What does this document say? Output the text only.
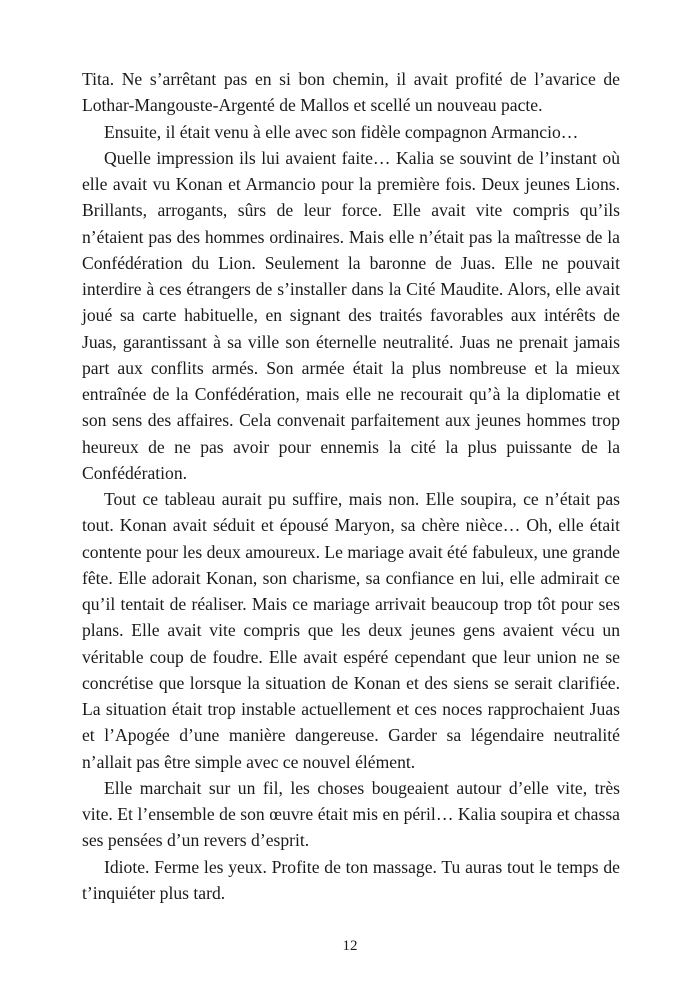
Tita. Ne s’arrêtant pas en si bon chemin, il avait profité de l’avarice de Lothar-Mangouste-Argenté de Mallos et scellé un nouveau pacte.

Ensuite, il était venu à elle avec son fidèle compagnon Armancio…

Quelle impression ils lui avaient faite… Kalia se souvint de l’instant où elle avait vu Konan et Armancio pour la première fois. Deux jeunes Lions. Brillants, arrogants, sûrs de leur force. Elle avait vite compris qu’ils n’étaient pas des hommes ordinaires. Mais elle n’était pas la maîtresse de la Confédération du Lion. Seulement la baronne de Juas. Elle ne pouvait interdire à ces étrangers de s’installer dans la Cité Maudite. Alors, elle avait joué sa carte habituelle, en signant des traités favorables aux intérêts de Juas, garantissant à sa ville son éternelle neutralité. Juas ne prenait jamais part aux conflits armés. Son armée était la plus nombreuse et la mieux entraînée de la Confédération, mais elle ne recourait qu’à la diplomatie et son sens des affaires. Cela convenait parfaitement aux jeunes hommes trop heureux de ne pas avoir pour ennemis la cité la plus puissante de la Confédération.

Tout ce tableau aurait pu suffire, mais non. Elle soupira, ce n’était pas tout. Konan avait séduit et épousé Maryon, sa chère nièce… Oh, elle était contente pour les deux amoureux. Le mariage avait été fabuleux, une grande fête. Elle adorait Konan, son charisme, sa confiance en lui, elle admirait ce qu’il tentait de réaliser. Mais ce mariage arrivait beaucoup trop tôt pour ses plans. Elle avait vite compris que les deux jeunes gens avaient vécu un véritable coup de foudre. Elle avait espéré cependant que leur union ne se concrétise que lorsque la situation de Konan et des siens se serait clarifiée. La situation était trop instable actuellement et ces noces rapprochaient Juas et l’Apogée d’une manière dangereuse. Garder sa légendaire neutralité n’allait pas être simple avec ce nouvel élément.

Elle marchait sur un fil, les choses bougeaient autour d’elle vite, très vite. Et l’ensemble de son œuvre était mis en péril… Kalia soupira et chassa ses pensées d’un revers d’esprit.

Idiote. Ferme les yeux. Profite de ton massage. Tu auras tout le temps de t’inquiéter plus tard.

12
